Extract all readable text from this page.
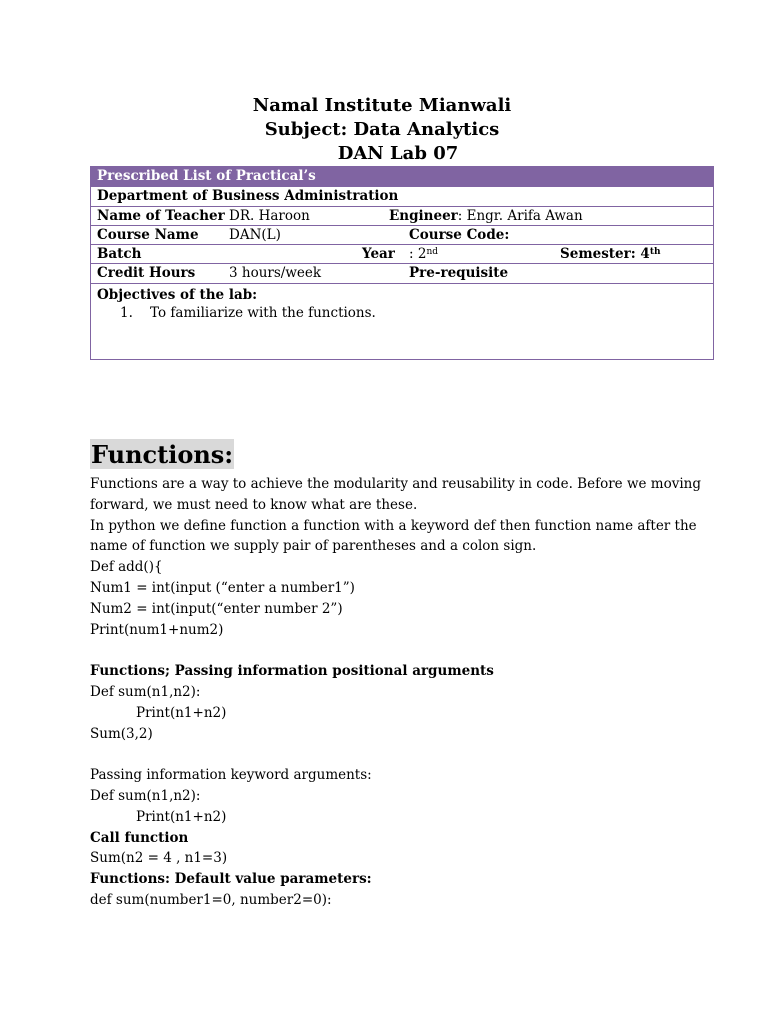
Namal Institute Mianwali
Subject: Data Analytics
DAN Lab 07
Prescribed List of Practical’s
Department of Business Administration
Name of Teacher DR. Haroon	Engineer: Engr. Arifa Awan
Course Name DAN(L)	Course Code:
Batch	Year : 2nd	Semester: 4th
Credit Hours	3 hours/week	Pre-requisite
Objectives of the lab:
1.    To familiarize with the functions.
Functions:
Functions are a way to achieve the modularity and reusability in code. Before we moving
forward, we must need to know what are these.
In python we define function a function with a keyword def then function name after the
name of function we supply pair of parentheses and a colon sign.
Def add(){
Num1 = int(input (“enter a number1”)
Num2 = int(input(“enter number 2”)
Print(num1+num2)

Functions; Passing information positional arguments
Def sum(n1,n2):
Print(n1+n2)
Sum(3,2)

Passing information keyword arguments:
Def sum(n1,n2):
Print(n1+n2)
Call function
Sum(n2 = 4 , n1=3)
Functions: Default value parameters:
def sum(number1=0, number2=0):
